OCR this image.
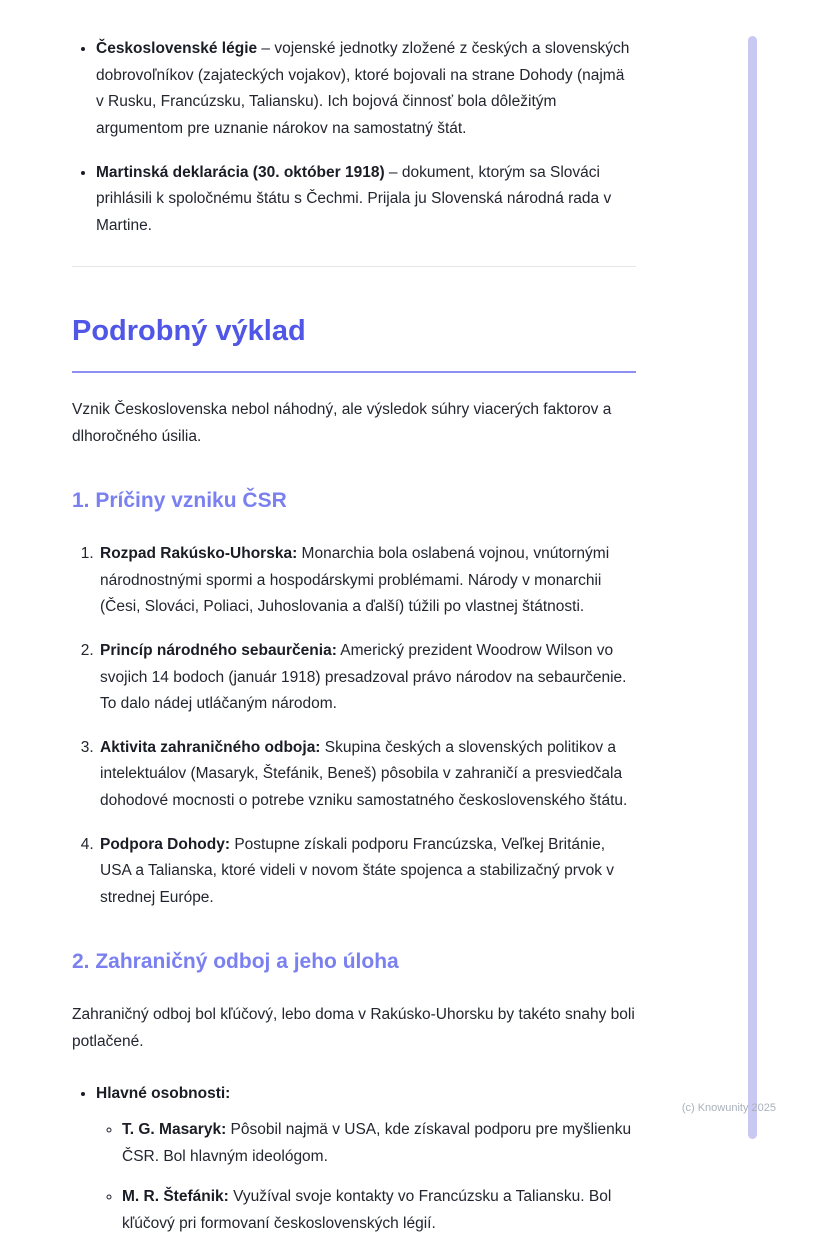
• Československé légie – vojenské jednotky zložené z českých a slovenských dobrovoľníkov (zajateckých vojakov), ktoré bojovali na strane Dohody (najmä v Rusku, Francúzsku, Taliansku). Ich bojová činnosť bola dôležitým argumentom pre uznanie nárokov na samostatný štát.
• Martinská deklarácia (30. október 1918) – dokument, ktorým sa Slováci prihlásili k spoločnému štátu s Čechmi. Prijala ju Slovenská národná rada v Martine.
Podrobný výklad

Vznik Československa nebol náhodný, ale výsledok súhry viacerých faktorov a dlhoročného úsilia.

1. Príčiny vzniku ČSR
1. Rozpad Rakúsko-Uhorska: Monarchia bola oslabená vojnou, vnútornými národnostnými spormi a hospodárskymi problémami. Národy v monarchii (Česi, Slováci, Poliaci, Juhoslovania a ďalší) túžili po vlastnej štátnosti.
2. Princíp národného sebaurčenia: Americký prezident Woodrow Wilson vo svojich 14 bodoch (január 1918) presadzoval právo národov na sebaurčenie. To dalo nádej utláčaným národom.
3. Aktivita zahraničného odboja: Skupina českých a slovenských politikov a intelektuálov (Masaryk, Štefánik, Beneš) pôsobila v zahraničí a presviedčala dohodové mocnosti o potrebe vzniku samostatného československého štátu.
4. Podpora Dohody: Postupne získali podporu Francúzska, Veľkej Británie, USA a Talianska, ktoré videli v novom štáte spojenca a stabilizačný prvok v strednej Európe.
2. Zahraničný odboj a jeho úloha

Zahraničný odboj bol kľúčový, lebo doma v Rakúsko-Uhorsku by takéto snahy boli potlačené.

• Hlavné osobnosti:
◦ T. G. Masaryk: Pôsobil najmä v USA, kde získaval podporu pre myšlienku ČSR. Bol hlavným ideológom.
◦ M. R. Štefánik: Využíval svoje kontakty vo Francúzsku a Taliansku. Bol kľúčový pri formovaní československých légií.
(c) Knowunity 2025
